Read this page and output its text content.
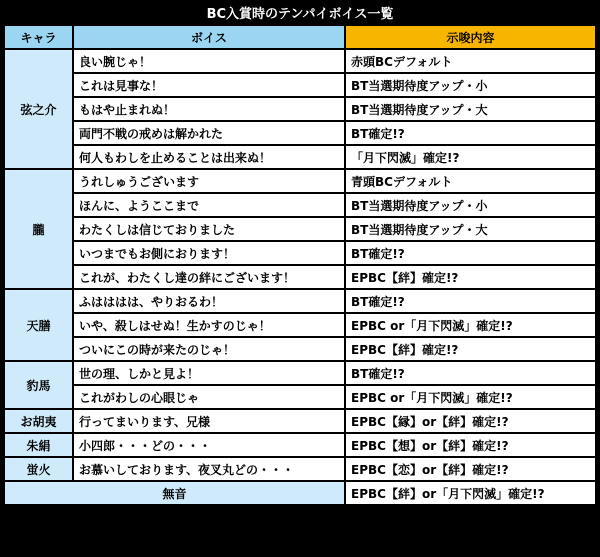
BC入賞時のテンパイボイス一覧
キャラ	ボイス	示唆内容
弦之介	良い腕じゃ！	赤頭BCデフォルト
	これは見事な！	BT当選期待度アップ・小
	もはや止まれぬ！	BT当選期待度アップ・大
	両門不戦の戒めは解かれた	BT確定!?
	何人もわしを止めることは出来ぬ！	「月下閃滅」確定!?
朧	うれしゅうございます	青頭BCデフォルト
	ほんに、ようここまで	BT当選期待度アップ・小
	わたくしは信じておりました	BT当選期待度アップ・大
	いつまでもお側におります！	BT確定!?
	これが、わたくし達の絆にございます！	EPBC【絆】確定!?
天膳	ふはははは、やりおるわ！	BT確定!?
	いや、殺しはせぬ！生かすのじゃ！	EPBC or「月下閃滅」確定!?
	ついにこの時が来たのじゃ！	EPBC【絆】確定!?
豹馬	世の理、しかと見よ！	BT確定!?
	これがわしの心眼じゃ	EPBC or「月下閃滅」確定!?
お胡夷	行ってまいります、兄様	EPBC【縁】or【絆】確定!?
朱絹	小四郎・・・どの・・・	EPBC【想】or【絆】確定!?
蛍火	お慕いしております、夜叉丸どの・・・	EPBC【恋】or【絆】確定!?
無音		EPBC【絆】or「月下閃滅」確定!?
